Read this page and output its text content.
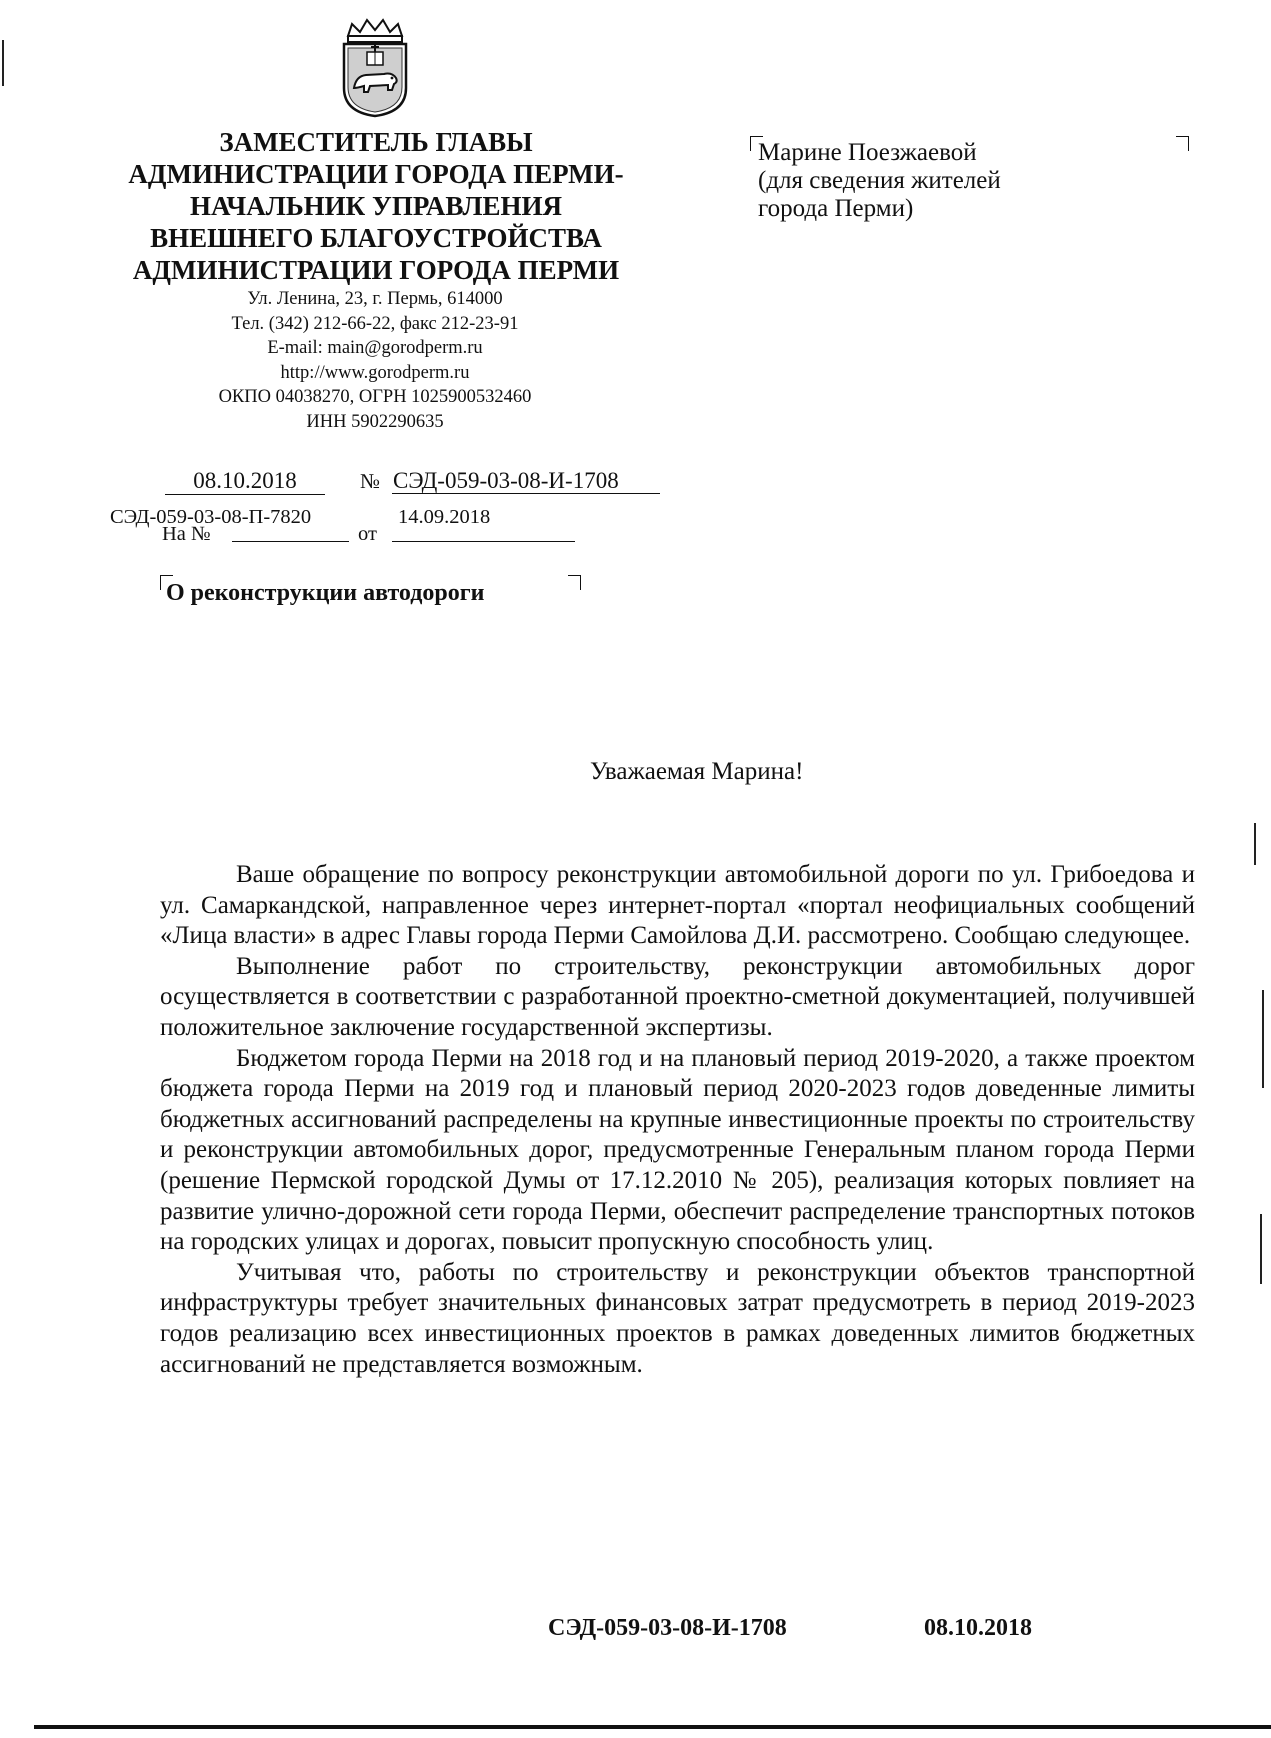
ЗАМЕСТИТЕЛЬ ГЛАВЫ
АДМИНИСТРАЦИИ ГОРОДА ПЕРМИ-
НАЧАЛЬНИК УПРАВЛЕНИЯ
ВНЕШНЕГО БЛАГОУСТРОЙСТВА
АДМИНИСТРАЦИИ ГОРОДА ПЕРМИ
Ул. Ленина, 23, г. Пермь, 614000
Тел. (342) 212-66-22, факс 212-23-91
E-mail: main@gorodperm.ru
http://www.gorodperm.ru
ОКПО 04038270, ОГРН 1025900532460
ИНН 5902290635
Марине Поезжаевой
(для сведения жителей
города Перми)
08.10.2018	№ СЭД-059-03-08-И-1708
СЭД-059-03-08-П-7820	14.09.2018
На №	от
О реконструкции автодороги
Уважаемая Марина!

Ваше обращение по вопросу реконструкции автомобильной дороги по ул. Грибоедова и ул. Самаркандской, направленное через интернет-портал «портал неофициальных сообщений «Лица власти» в адрес Главы города Перми Самойлова Д.И. рассмотрено. Сообщаю следующее.

Выполнение работ по строительству, реконструкции автомобильных дорог осуществляется в соответствии с разработанной проектно-сметной документацией, получившей положительное заключение государственной экспертизы.

Бюджетом города Перми на 2018 год и на плановый период 2019-2020, а также проектом бюджета города Перми на 2019 год и плановый период 2020-2023 годов доведенные лимиты бюджетных ассигнований распределены на крупные инвестиционные проекты по строительству и реконструкции автомобильных дорог, предусмотренные Генеральным планом города Перми (решение Пермской городской Думы от 17.12.2010 № 205), реализация которых повлияет на развитие улично-дорожной сети города Перми, обеспечит распределение транспортных потоков на городских улицах и дорогах, повысит пропускную способность улиц.

Учитывая что, работы по строительству и реконструкции объектов транспортной инфраструктуры требует значительных финансовых затрат предусмотреть в период 2019-2023 годов реализацию всех инвестиционных проектов в рамках доведенных лимитов бюджетных ассигнований не представляется возможным.

СЭД-059-03-08-И-1708	08.10.2018
